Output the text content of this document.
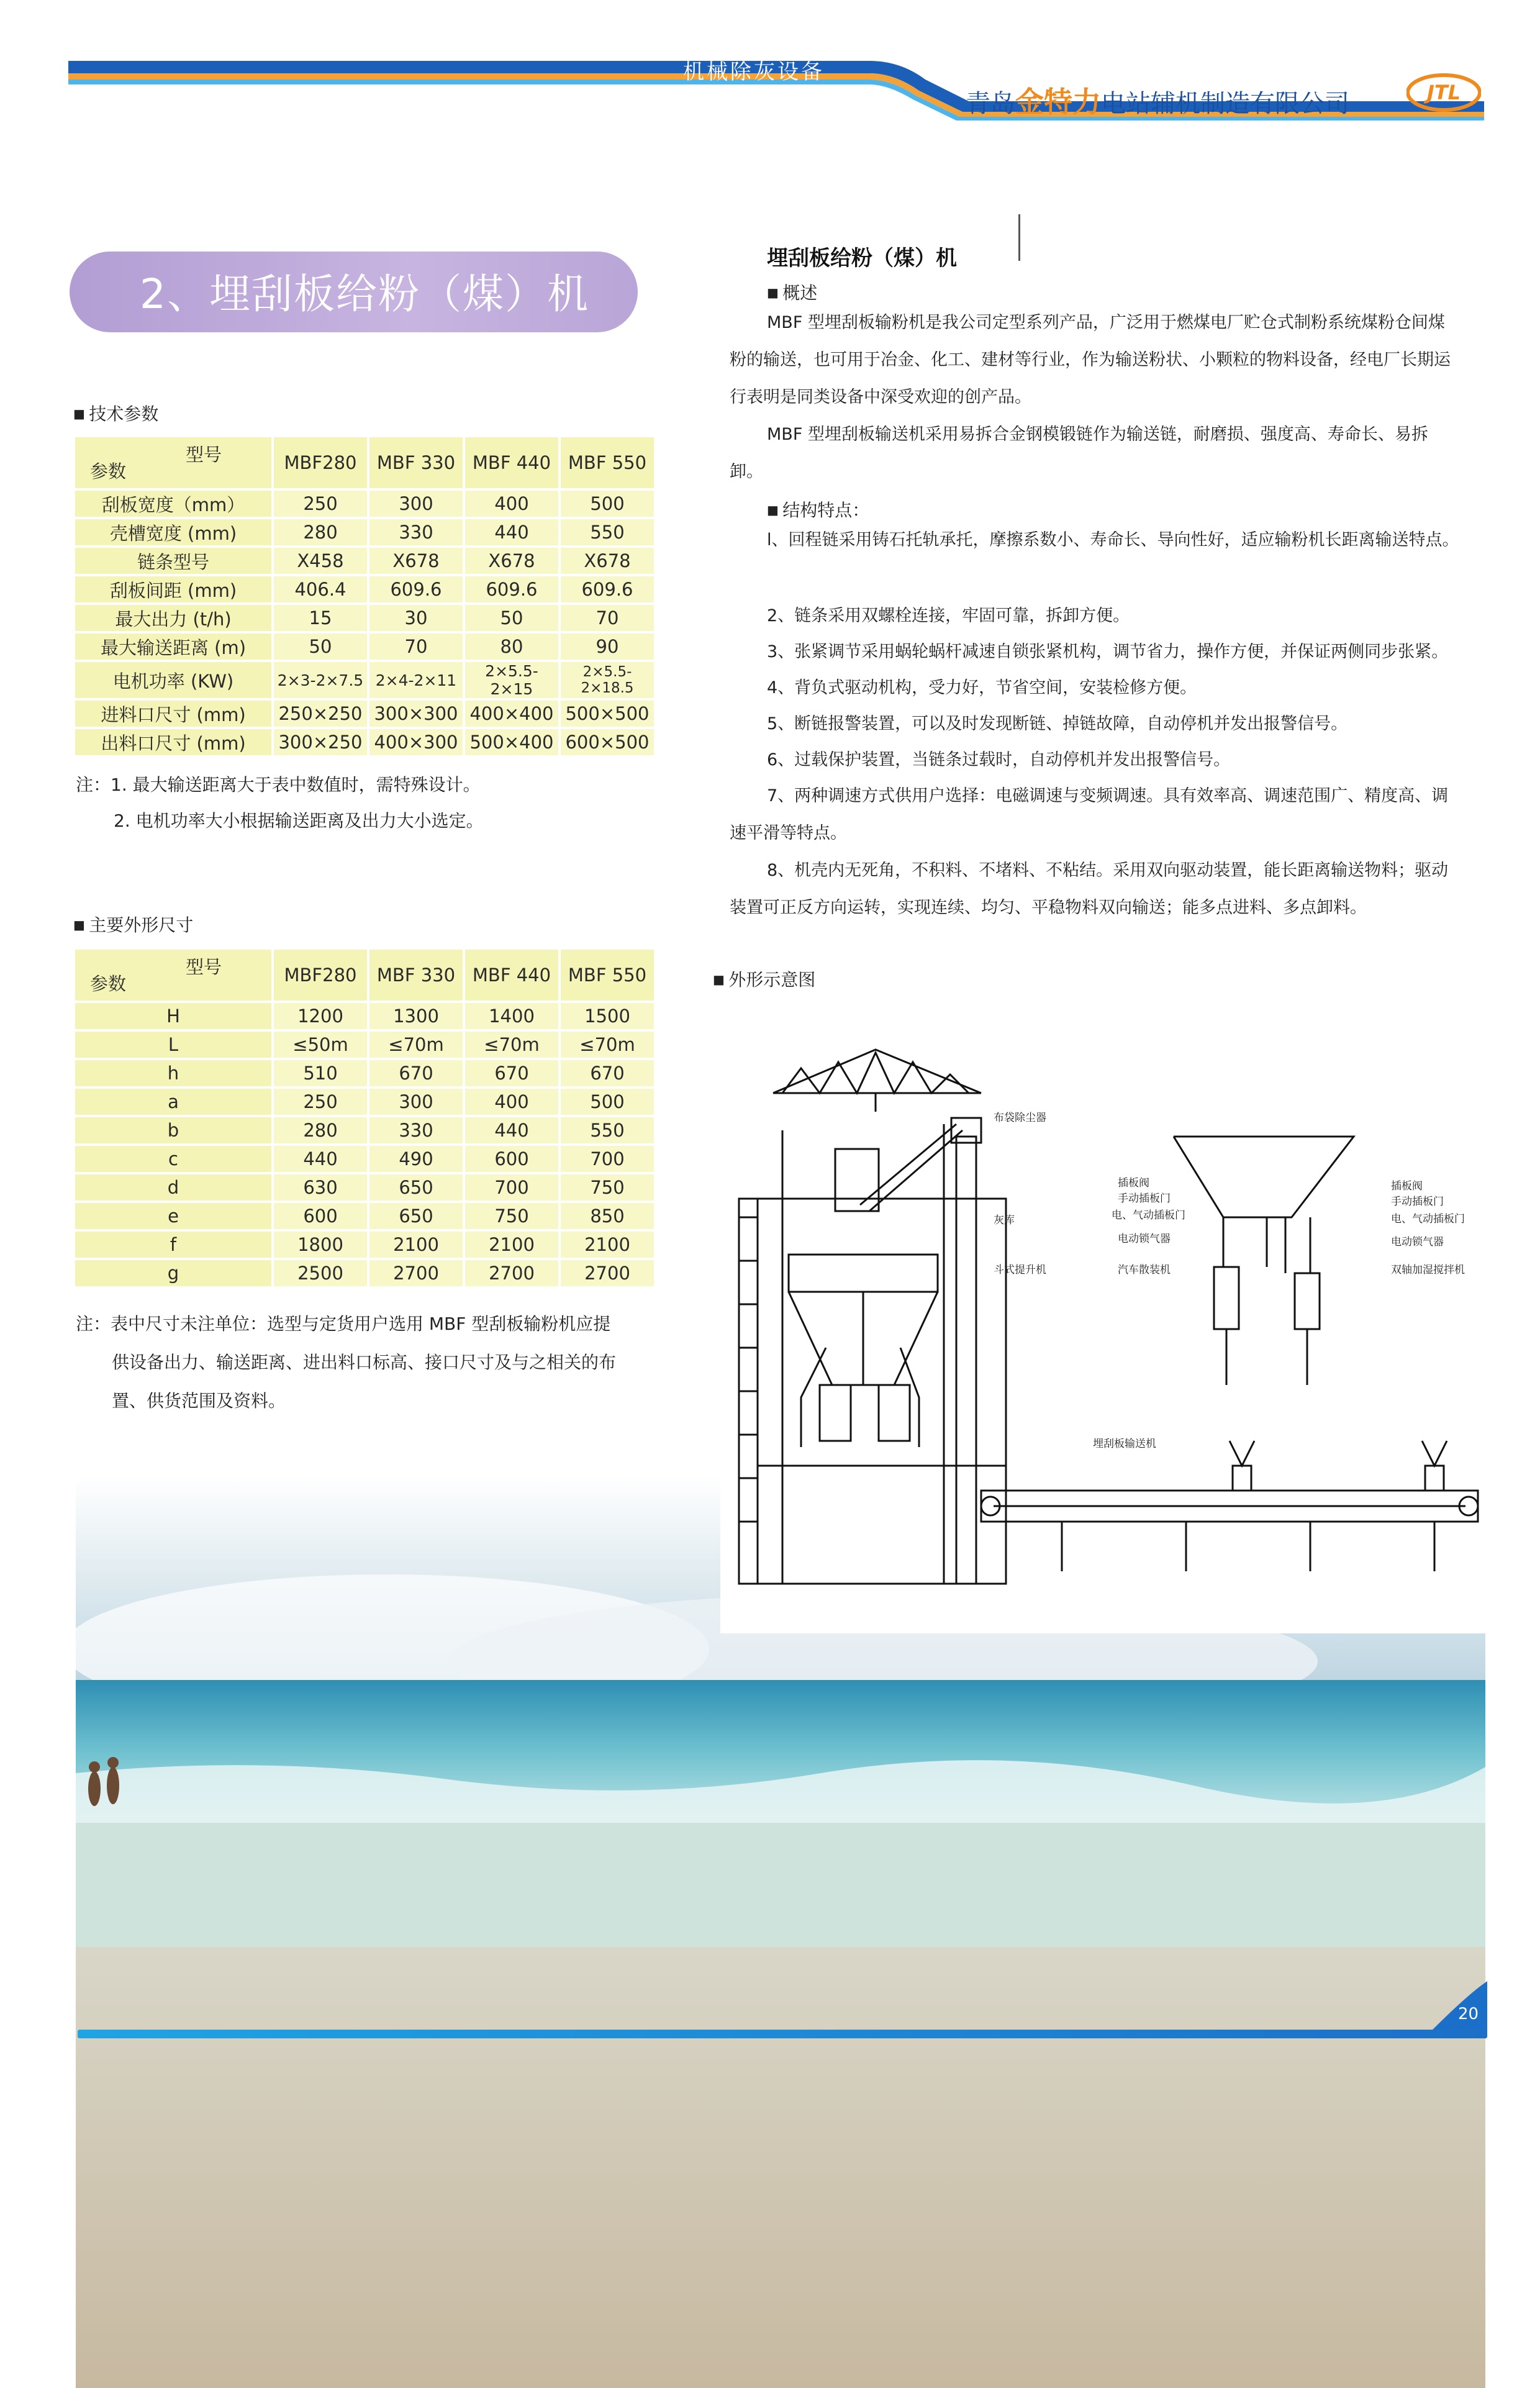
机械除灰设备
青岛金特力电站辅机制造有限公司	JTL
2、埋刮板给粉（煤）机
■ 技术参数
型号
参数	MBF280	MBF 330	MBF 440	MBF 550
刮板宽度（mm）	250	300	400	500
壳槽宽度 (mm)	280	330	440	550
链条型号	X458	X678	X678	X678
刮板间距 (mm)	406.4	609.6	609.6	609.6
最大出力 (t/h)	15	30	50	70
最大输送距离 (m)	50	70	80	90
电机功率 (KW)	2×3-2×7.5	2×4-2×11	2×5.5-2×15	2×5.5-2×18.5
进料口尺寸 (mm)	250×250	300×300	400×400	500×500
出料口尺寸 (mm)	300×250	400×300	500×400	600×500
注：1. 最大输送距离大于表中数值时，需特殊设计。
2. 电机功率大小根据输送距离及出力大小选定。
■ 主要外形尺寸
型号
参数	MBF280	MBF 330	MBF 440	MBF 550
H	1200	1300	1400	1500
L	≤50m	≤70m	≤70m	≤70m
h	510	670	670	670
a	250	300	400	500
b	280	330	440	550
c	440	490	600	700
d	630	650	700	750
e	600	650	750	850
f	1800	2100	2100	2100
g	2500	2700	2700	2700
注：表中尺寸未注单位：选型与定货用户选用 MBF 型刮板输粉机应提
供设备出力、输送距离、进出料口标高、接口尺寸及与之相关的布
置、供货范围及资料。
埋刮板给粉（煤）机
■ 概述
MBF 型埋刮板输粉机是我公司定型系列产品，广泛用于燃煤电厂贮仓式制粉系统煤粉仓间煤粉的输送，也可用于冶金、化工、建材等行业，作为输送粉状、小颗粒的物料设备，经电厂长期运行表明是同类设备中深受欢迎的创产品。
MBF 型埋刮板输送机采用易拆合金钢模锻链作为输送链，耐磨损、强度高、寿命长、易拆卸。
■ 结构特点：
l、回程链采用铸石托轨承托，摩擦系数小、寿命长、导向性好，适应输粉机长距离输送特点。
2、链条采用双螺栓连接，牢固可靠，拆卸方便。
3、张紧调节采用蜗轮蜗杆减速自锁张紧机构，调节省力，操作方便，并保证两侧同步张紧。
4、背负式驱动机构，受力好，节省空间，安装检修方便。
5、断链报警装置，可以及时发现断链、掉链故障，自动停机并发出报警信号。
6、过载保护装置，当链条过载时，自动停机并发出报警信号。
7、两种调速方式供用户选择：电磁调速与变频调速。具有效率高、调速范围广、精度高、调速平滑等特点。
8、机壳内无死角，不积料、不堵料、不粘结。采用双向驱动装置，能长距离输送物料；驱动装置可正反方向运转，实现连续、均匀、平稳物料双向输送；能多点进料、多点卸料。
■ 外形示意图
布袋除尘器
灰库
斗式提升机
埋刮板输送机
插板阀
手动插板门
电、气动插板门
电动锁气器
汽车散装机
插板阀
手动插板门
电、气动插板门
电动锁气器
双轴加湿搅拌机
20
